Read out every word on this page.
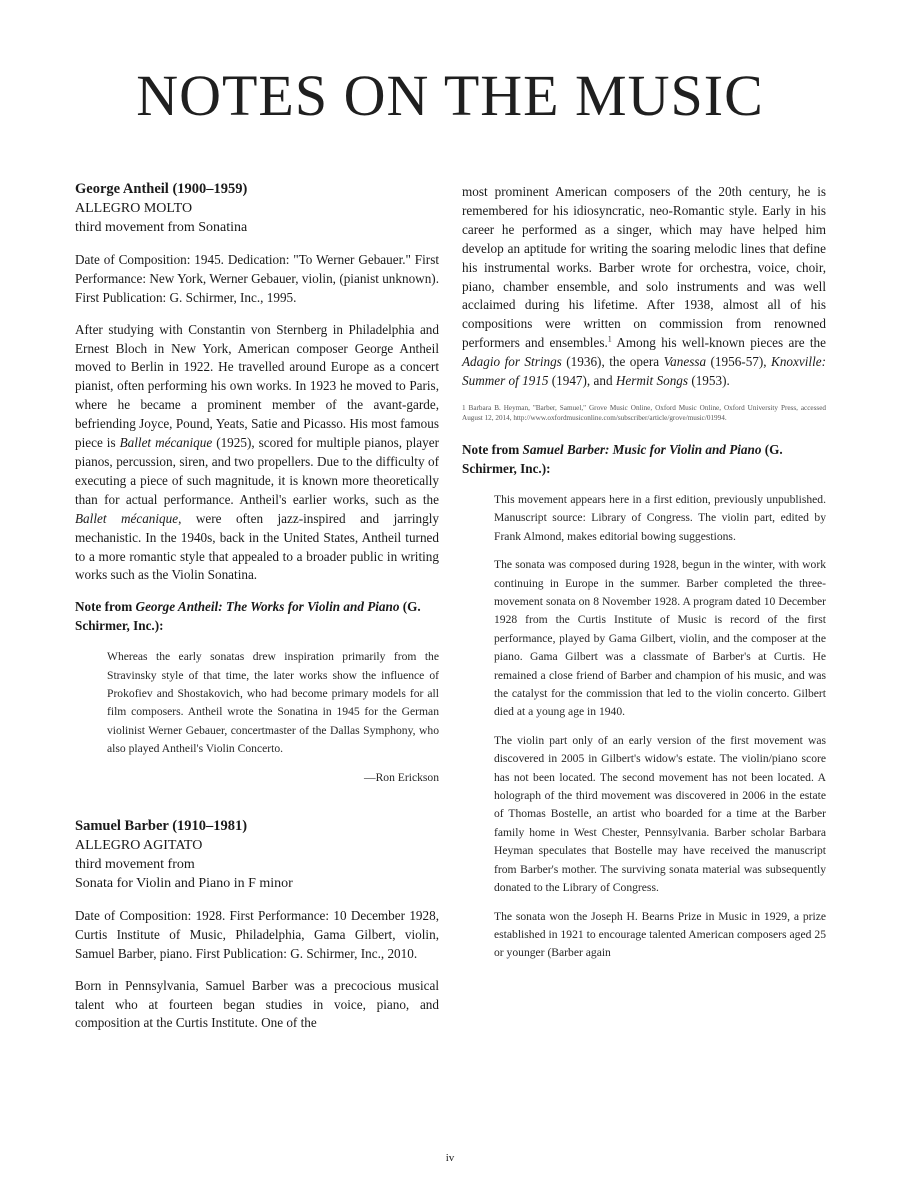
NOTES ON THE MUSIC
George Antheil (1900–1959)
ALLEGRO MOLTO
third movement from Sonatina

Date of Composition: 1945. Dedication: "To Werner Gebauer." First Performance: New York, Werner Gebauer, violin, (pianist unknown). First Publication: G. Schirmer, Inc., 1995.

After studying with Constantin von Sternberg in Philadelphia and Ernest Bloch in New York, American composer George Antheil moved to Berlin in 1922. He travelled around Europe as a concert pianist, often performing his own works. In 1923 he moved to Paris, where he became a prominent member of the avant-garde, befriending Joyce, Pound, Yeats, Satie and Picasso. His most famous piece is Ballet mécanique (1925), scored for multiple pianos, player pianos, percussion, siren, and two propellers. Due to the difficulty of executing a piece of such magnitude, it is known more theoretically than for actual performance. Antheil's earlier works, such as the Ballet mécanique, were often jazz-inspired and jarringly mechanistic. In the 1940s, back in the United States, Antheil turned to a more romantic style that appealed to a broader public in writing works such as the Violin Sonatina.

Note from George Antheil: The Works for Violin and Piano (G. Schirmer, Inc.):

Whereas the early sonatas drew inspiration primarily from the Stravinsky style of that time, the later works show the influence of Prokofiev and Shostakovich, who had become primary models for all film composers. Antheil wrote the Sonatina in 1945 for the German violinist Werner Gebauer, concertmaster of the Dallas Symphony, who also played Antheil's Violin Concerto.

—Ron Erickson
Samuel Barber (1910–1981)
ALLEGRO AGITATO
third movement from
Sonata for Violin and Piano in F minor

Date of Composition: 1928. First Performance: 10 December 1928, Curtis Institute of Music, Philadelphia, Gama Gilbert, violin, Samuel Barber, piano. First Publication: G. Schirmer, Inc., 2010.

Born in Pennsylvania, Samuel Barber was a precocious musical talent who at fourteen began studies in voice, piano, and composition at the Curtis Institute. One of the

most prominent American composers of the 20th century, he is remembered for his idiosyncratic, neo-Romantic style. Early in his career he performed as a singer, which may have helped him develop an aptitude for writing the soaring melodic lines that define his instrumental works. Barber wrote for orchestra, voice, choir, piano, chamber ensemble, and solo instruments and was well acclaimed during his lifetime. After 1938, almost all of his compositions were written on commission from renowned performers and ensembles.$^1$ Among his well-known pieces are the Adagio for Strings (1936), the opera Vanessa (1956-57), Knoxville: Summer of 1915 (1947), and Hermit Songs (1953).

1 Barbara B. Heyman, "Barber, Samuel," Grove Music Online, Oxford Music Online, Oxford University Press, accessed August 12, 2014, http://www.oxfordmusiconline.com/subscriber/article/grove/music/01994.
Note from Samuel Barber: Music for Violin and Piano (G. Schirmer, Inc.):

This movement appears here in a first edition, previously unpublished. Manuscript source: Library of Congress. The violin part, edited by Frank Almond, makes editorial bowing suggestions.

The sonata was composed during 1928, begun in the winter, with work continuing in Europe in the summer. Barber completed the three-movement sonata on 8 November 1928. A program dated 10 December 1928 from the Curtis Institute of Music is record of the first performance, played by Gama Gilbert, violin, and the composer at the piano. Gama Gilbert was a classmate of Barber's at Curtis. He remained a close friend of Barber and champion of his music, and was the catalyst for the commission that led to the violin concerto. Gilbert died at a young age in 1940.

The violin part only of an early version of the first movement was discovered in 2005 in Gilbert's widow's estate. The violin/piano score has not been located. The second movement has not been located. A holograph of the third movement was discovered in 2006 in the estate of Thomas Bostelle, an artist who boarded for a time at the Barber family home in West Chester, Pennsylvania. Barber scholar Barbara Heyman speculates that Bostelle may have received the manuscript from Barber's mother. The surviving sonata material was subsequently donated to the Library of Congress.

The sonata won the Joseph H. Bearns Prize in Music in 1929, a prize established in 1921 to encourage talented American composers aged 25 or younger (Barber again

iv
